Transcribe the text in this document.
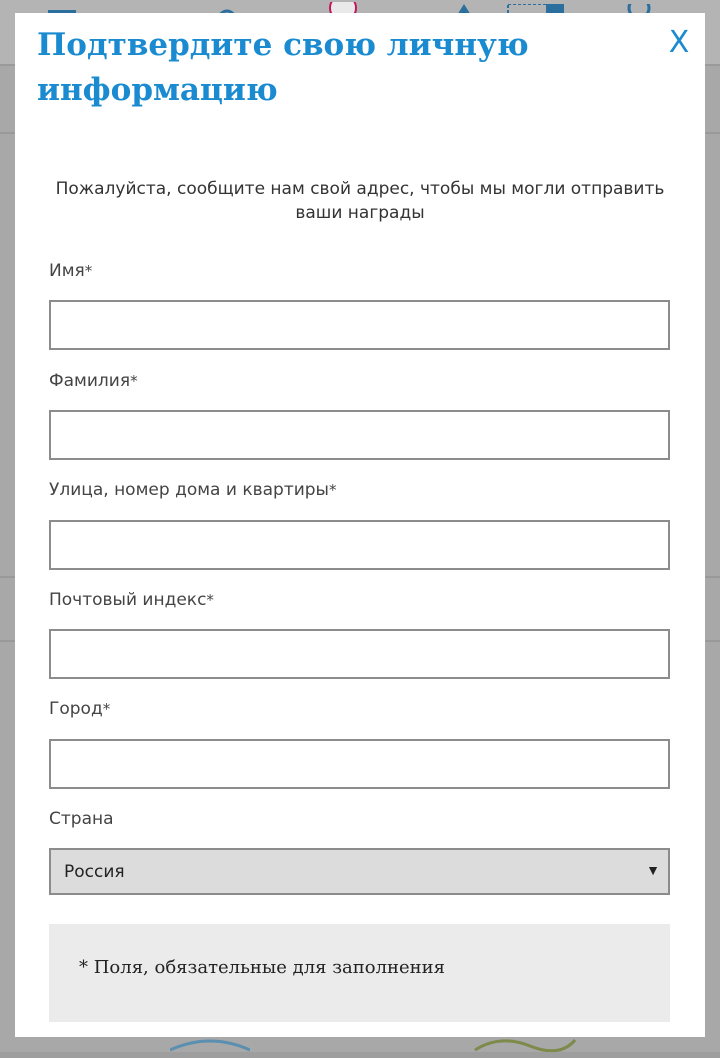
Подтвердите свою личную информацию
X
Пожалуйста, сообщите нам свой адрес, чтобы мы могли отправить ваши награды
Имя*
Фамилия*
Улица, номер дома и квартиры*
Почтовый индекс*
Город*
Страна
Россия	▼
* Поля, обязательные для заполнения
